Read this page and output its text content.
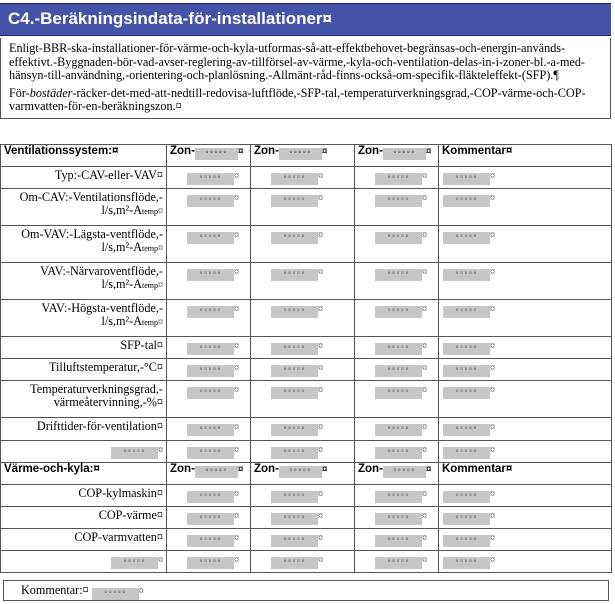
C4.-Beräkningsindata-för-installationer¤

Enligt-BBR-ska-installationer-för-värme-och-kyla-utformas-så-att-effektbehovet-begränsas-och-energin-används-effektivt.-Byggnaden-bör-vad-avser-reglering-av-tillförsel-av-värme,-kyla-och-ventilation-delas-in-i-zoner-bl.-a-med-hänsyn-till-användning,-orientering-och-planlösning.-Allmänt-råd-finns-också-om-specifik-fläkteleffekt-(SFP).¶

För-bostäder-räcker-det-med-att-nedtill-redovisa-luftflöde,-SFP-tal,-temperaturverkningsgrad,-COP-värme-och-COP-varmvatten-för-en-beräkningszon.¤

Ventilationssystem:¤	Zon- °°°°° ¤	Zon- °°°°° ¤	Zon- °°°°° ¤	Kommentar¤

Typ:-CAV-eller-VAV¤	°°°°° ¤	°°°°° ¤	°°°°° ¤	°°°°° ¤

Om-CAV:-Ventilationsflöde,-
l/s,m²-Atemp¤	°°°°° ¤	°°°°° ¤	°°°°° ¤	°°°°° ¤

Om-VAV:-Lägsta-ventflöde,-
l/s,m²-Atemp¤	°°°°° ¤	°°°°° ¤	°°°°° ¤	°°°°° ¤

VAV:-Närvaroventflöde,-
l/s,m²-Atemp¤	°°°°° ¤	°°°°° ¤	°°°°° ¤	°°°°° ¤

VAV:-Högsta-ventflöde,-
l/s,m²-Atemp¤	°°°°° ¤	°°°°° ¤	°°°°° ¤	°°°°° ¤

SFP-tal¤	°°°°° ¤	°°°°° ¤	°°°°° ¤	°°°°° ¤

Tilluftstemperatur,-°C¤	°°°°° ¤	°°°°° ¤	°°°°° ¤	°°°°° ¤

Temperaturverkningsgrad,-
värmeåtervinning,-%¤	°°°°° ¤	°°°°° ¤	°°°°° ¤	°°°°° ¤

Drifttider-för-ventilation¤	°°°°° ¤	°°°°° ¤	°°°°° ¤	°°°°° ¤

°°°°° ¤	°°°°° ¤	°°°°° ¤	°°°°° ¤	°°°°° ¤

Värme-och-kyla:¤	Zon- °°°°° ¤	Zon- °°°°° ¤	Zon- °°°°° ¤	Kommentar¤

COP-kylmaskin¤	°°°°° ¤	°°°°° ¤	°°°°° ¤	°°°°° ¤

COP-värme¤	°°°°° ¤	°°°°° ¤	°°°°° ¤	°°°°° ¤

COP-varmvatten¤	°°°°° ¤	°°°°° ¤	°°°°° ¤	°°°°° ¤

°°°°° ¤	°°°°° ¤	°°°°° ¤	°°°°° ¤	°°°°° ¤
Kommentar:¤ °°°°° ¤
